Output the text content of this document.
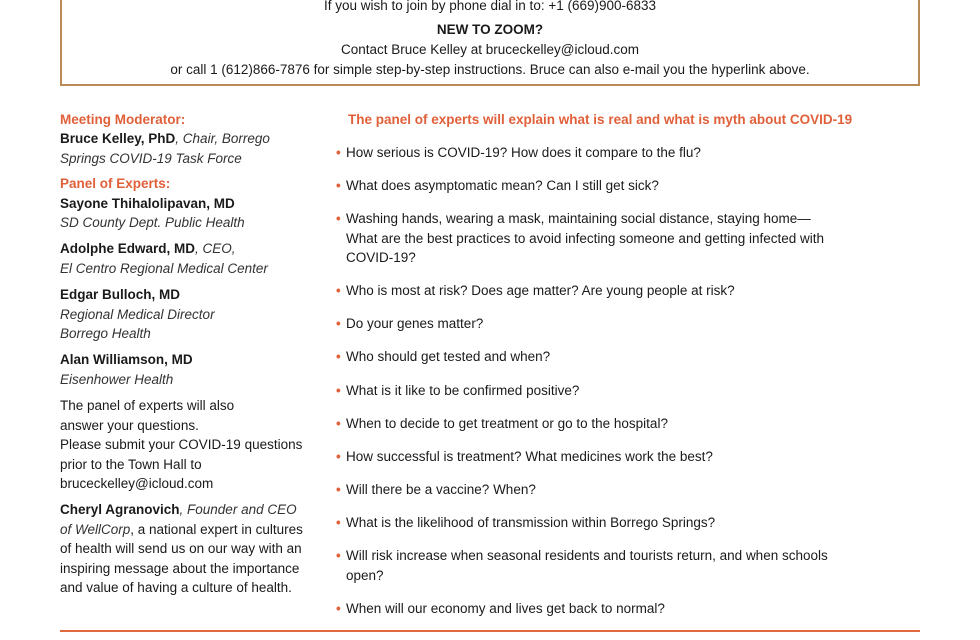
If you wish to join by phone dial in to: +1 (669)900-6833
NEW TO ZOOM?
Contact Bruce Kelley at bruceckelley@icloud.com
or call 1 (612)866-7876 for simple step-by-step instructions. Bruce can also e-mail you the hyperlink above.
Meeting Moderator:
Bruce Kelley, PhD, Chair, Borrego Springs COVID-19 Task Force
Panel of Experts:
Sayone Thihalolipavan, MD
SD County Dept. Public Health
Adolphe Edward, MD, CEO,
El Centro Regional Medical Center
Edgar Bulloch, MD
Regional Medical Director Borrego Health
Alan Williamson, MD
Eisenhower Health
The panel of experts will also answer your questions.
Please submit your COVID-19 questions prior to the Town Hall to bruceckelley@icloud.com
Cheryl Agranovich, Founder and CEO of WellCorp, a national expert in cultures of health will send us on our way with an inspiring message about the importance and value of having a culture of health.
The panel of experts will explain what is real and what is myth about COVID-19
• How serious is COVID-19? How does it compare to the flu?
• What does asymptomatic mean? Can I still get sick?
• Washing hands, wearing a mask, maintaining social distance, staying home—What are the best practices to avoid infecting someone and getting infected with COVID-19?
• Who is most at risk? Does age matter? Are young people at risk?
• Do your genes matter?
• Who should get tested and when?
• What is it like to be confirmed positive?
• When to decide to get treatment or go to the hospital?
• How successful is treatment? What medicines work the best?
• Will there be a vaccine? When?
• What is the likelihood of transmission within Borrego Springs?
• Will risk increase when seasonal residents and tourists return, and when schools open?
• When will our economy and lives get back to normal?
